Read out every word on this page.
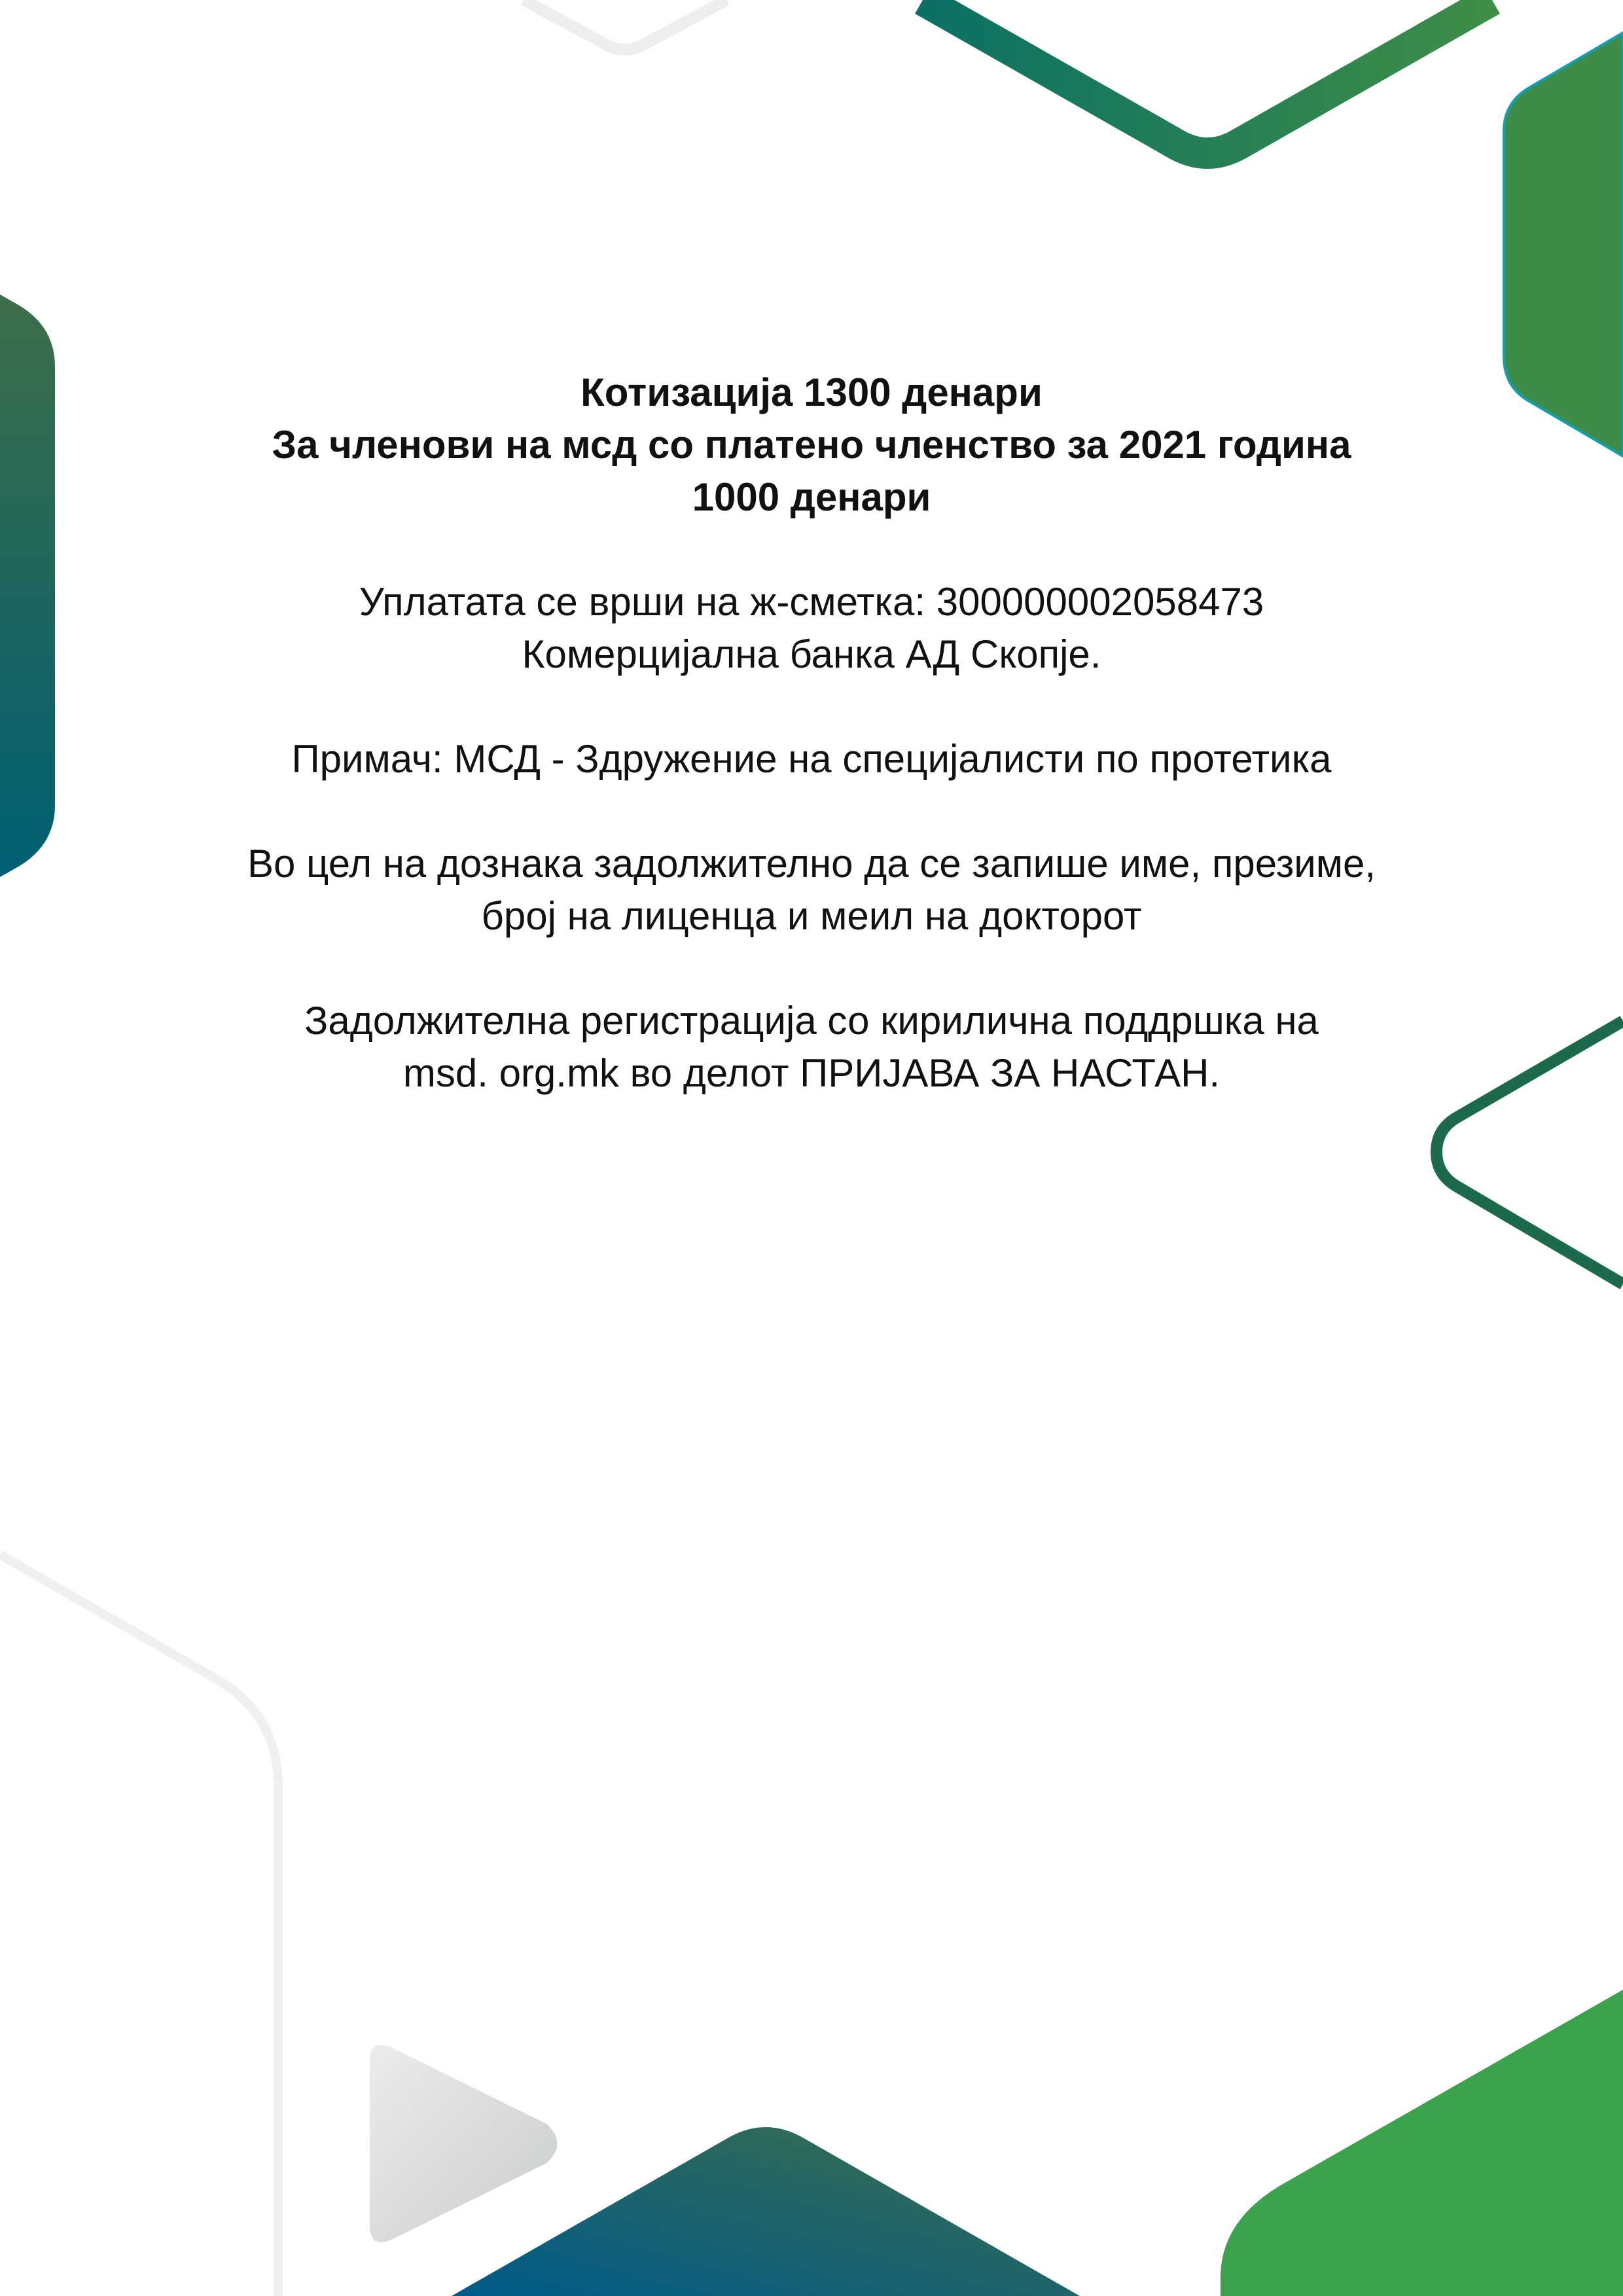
Котизација 1300 денари
За членови на мсд со платено членство за 2021 година
1000 денари
Уплатата се врши на ж-сметка: 300000002058473
Комерцијална банка АД Скопје.
Примач: МСД - Здружение на специјалисти по протетика
Во цел на дознака задолжително да се запише име, презиме,
број на лиценца и меил на докторот
Задолжителна регистрација со кирилична поддршка на
msd. org.mk во делот ПРИЈАВА ЗА НАСТАН.
